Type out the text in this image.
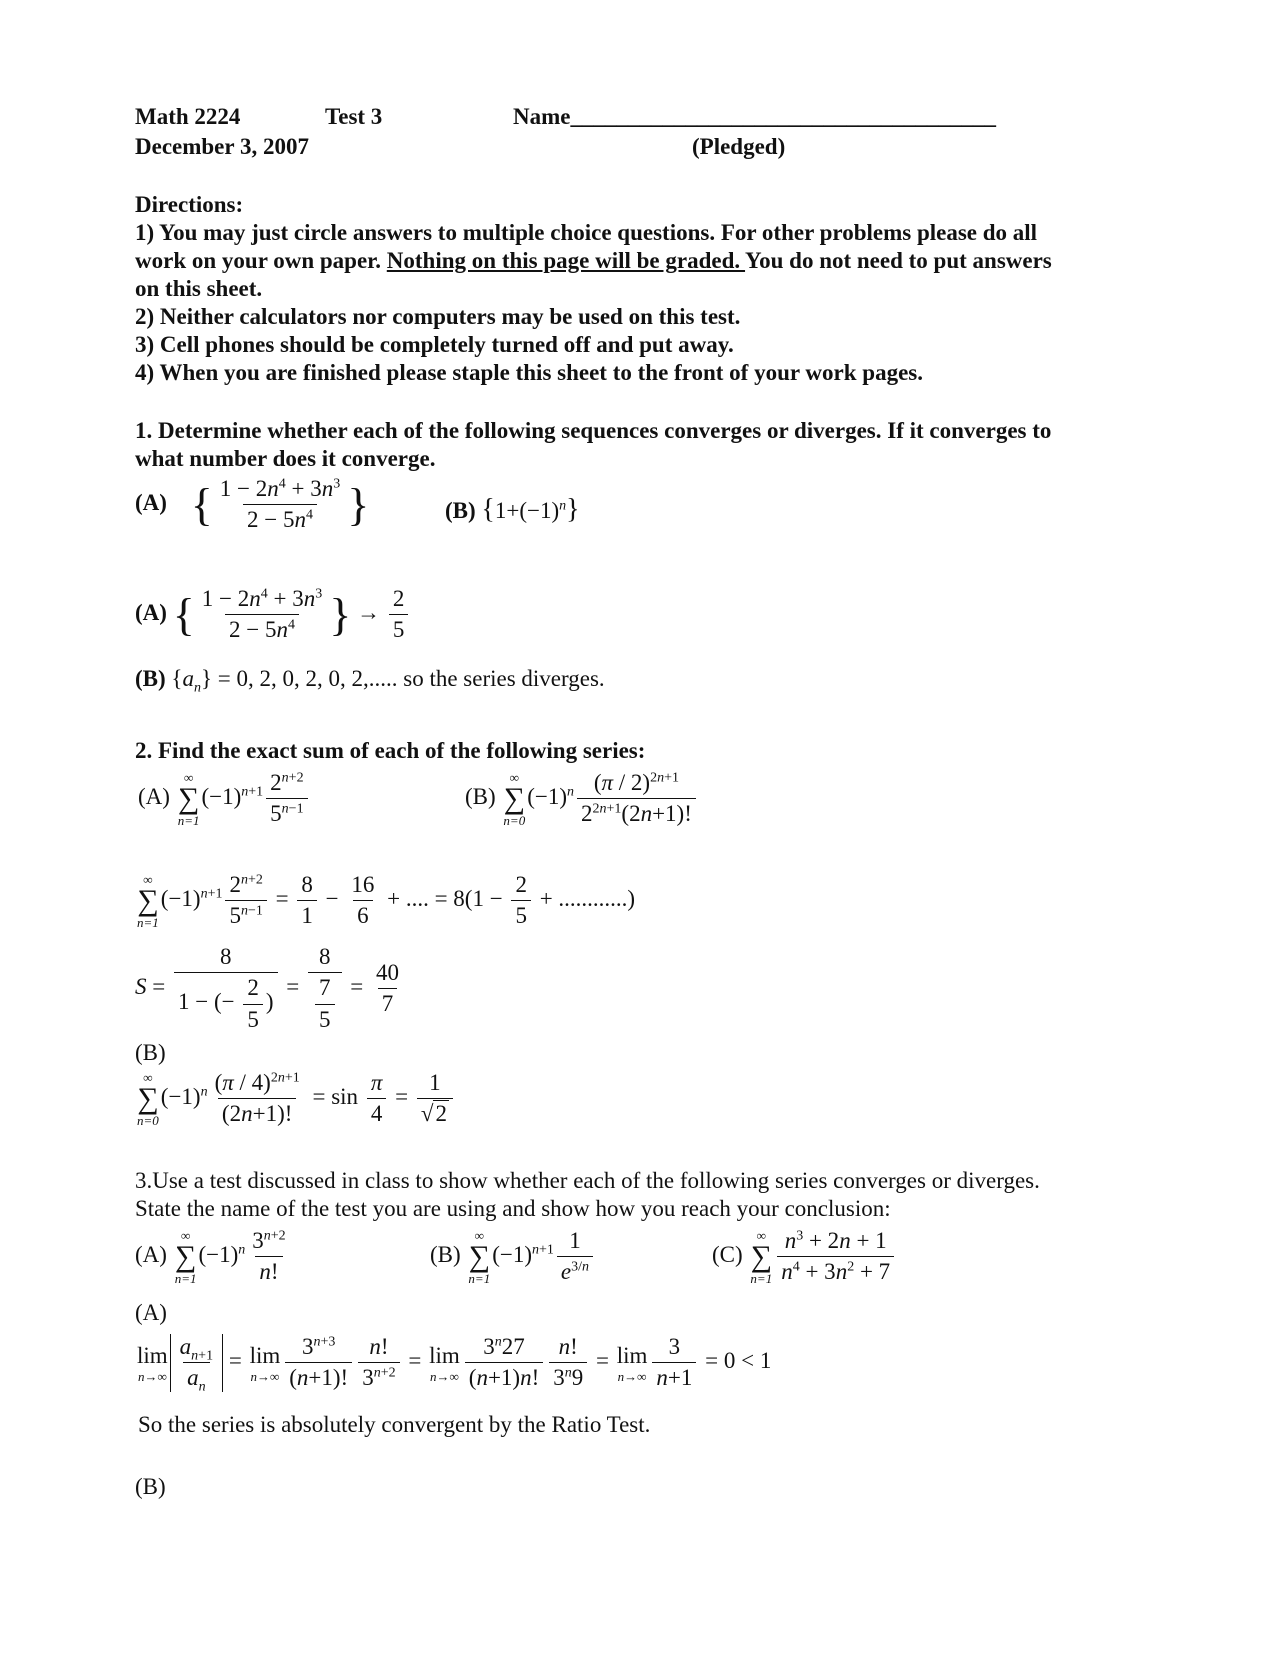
Math 2224	Test 3	Name_____________________________________
December 3, 2007	(Pledged)
Directions:
1) You may just circle answers to multiple choice questions. For other problems please do all
work on your own paper. Nothing on this page will be graded. You do not need to put answers
on this sheet.
2) Neither calculators nor computers may be used on this test.
3) Cell phones should be completely turned off and put away.
4) When you are finished please staple this sheet to the front of your work pages.
1. Determine whether each of the following sequences converges or diverges. If it converges to
what number does it converge.
(A) { $\frac{1 - 2n^4 + 3n^3}{2 - 5n^4}$ }	(B) $\{1+(-1)^n\}$
(A) { $\frac{1 - 2n^4 + 3n^3}{2 - 5n^4}$ } → $\frac{2}{5}$
(B) $\{a_n\} = 0$, 2, 0, 2, 0, 2,..... so the series diverges.
2. Find the exact sum of each of the following series:
(A)
∞
∑
n=1
$(-1)^{n+1} \frac{2^{n+2}}{5^{n-1}}$	(B)
∞
∑
n=0
$(-1)^n \frac{(\pi / 2)^{2n+1}}{2^{2n+1}(2n+1)!}$
∞
∑
n=1
$(-1)^{n+1} \frac{2^{n+2}}{5^{n-1}} = \frac{8}{1} - \frac{16}{6}$ + .... = $8(1 - \frac{2}{5}$ + ............)
$S = \frac{8}{1 - (- \frac{2}{5} )} = \frac{8}{\frac{7}{5}} = \frac{40}{7}$
(B)
∞
∑
n=0
$(-1)^n \frac{(\pi / 4)^{2n+1}}{(2n+1)!} = \sin \frac{\pi}{4} = \frac{1}{√2}$
3.Use a test discussed in class to show whether each of the following series converges or diverges.
State the name of the test you are using and show how you reach your conclusion:
(A)
∞
∑
n=1
$(-1)^n \frac{3^{n+2}}{n!}$	(B)
∞
∑
n=1
$(-1)^{n+1} \frac{1}{e^{3/n}}$	(C)
∞
∑
$n=1 \frac{n^3 + 2n + 1}{n^4 + 3n^2 + 7}$
(A)
lim
$n\to\infty \frac{a_{n+1}}{a_n} = \lim$
$n\to\infty \frac{3^{n+3}}{(n+1)!} \frac{n!}{3^{n+2}} = \lim$
$n\to\infty \frac{3^n27}{(n+1)n!} \frac{n!}{3^n9} = \lim$
$n\to\infty \frac{3}{n+1} = 0 < 1$
So the series is absolutely convergent by the Ratio Test.
(B)
